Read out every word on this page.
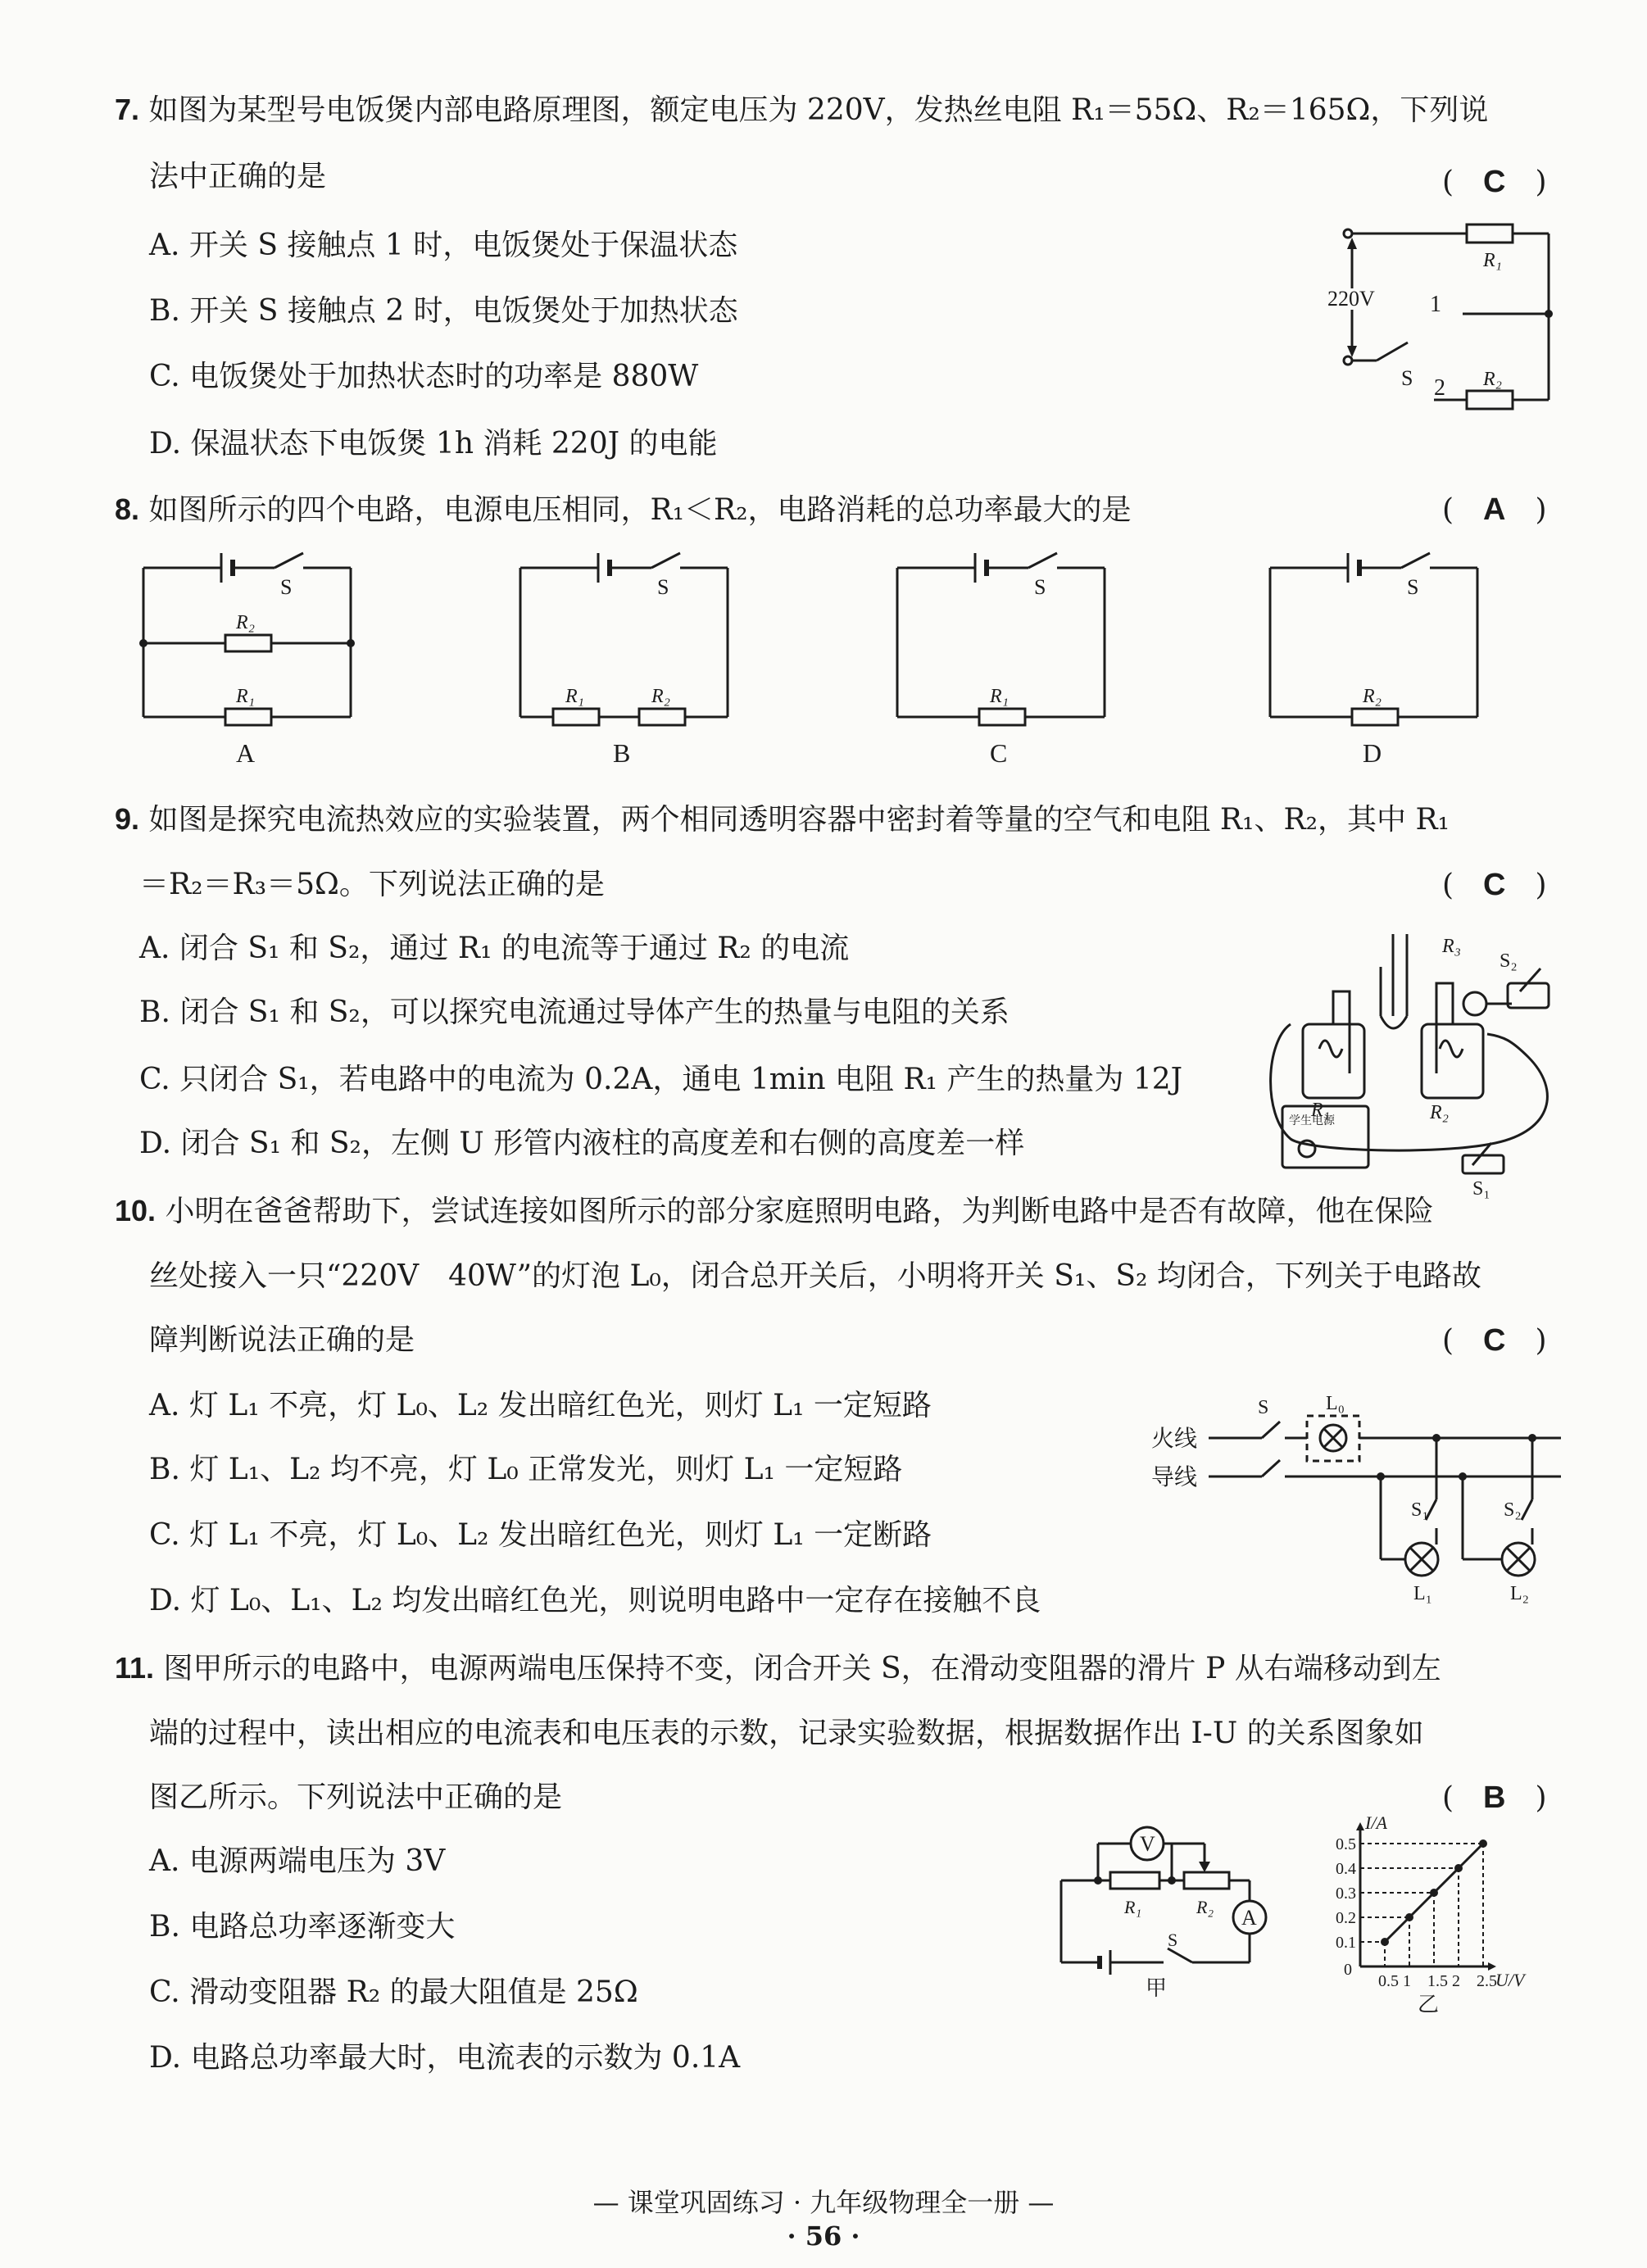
7. 如图为某型号电饭煲内部电路原理图，额定电压为 220V，发热丝电阻 R₁＝55Ω、R₂＝165Ω，下列说
法中正确的是	(　C　)
A. 开关 S 接触点 1 时，电饭煲处于保温状态
B. 开关 S 接触点 2 时，电饭煲处于加热状态
C. 电饭煲处于加热状态时的功率是 880W
D. 保温状态下电饭煲 1h 消耗 220J 的电能
220V
R₁
1
2
S	R₂
8. 如图所示的四个电路，电源电压相同，R₁＜R₂，电路消耗的总功率最大的是	(　A　)
S
R₂
R₁
A
S
R₁	R₂
B
S
R₁
C
S
R₂
D
9. 如图是探究电流热效应的实验装置，两个相同透明容器中密封着等量的空气和电阻 R₁、R₂，其中 R₁
＝R₂＝R₃＝5Ω。下列说法正确的是	(　C　)
A. 闭合 S₁ 和 S₂，通过 R₁ 的电流等于通过 R₂ 的电流
B. 闭合 S₁ 和 S₂，可以探究电流通过导体产生的热量与电阻的关系
C. 只闭合 S₁，若电路中的电流为 0.2A，通电 1min 电阻 R₁ 产生的热量为 12J
D. 闭合 S₁ 和 S₂，左侧 U 形管内液柱的高度差和右侧的高度差一样
学生电源
R₁	R₂
R₃
S₂
S₁
10. 小明在爸爸帮助下，尝试连接如图所示的部分家庭照明电路，为判断电路中是否有故障，他在保险
丝处接入一只“220V　40W”的灯泡 L₀，闭合总开关后，小明将开关 S₁、S₂ 均闭合，下列关于电路故
障判断说法正确的是	(　C　)
A. 灯 L₁ 不亮，灯 L₀、L₂ 发出暗红色光，则灯 L₁ 一定短路
B. 灯 L₁、L₂ 均不亮，灯 L₀ 正常发光，则灯 L₁ 一定短路
C. 灯 L₁ 不亮，灯 L₀、L₂ 发出暗红色光，则灯 L₁ 一定断路
D. 灯 L₀、L₁、L₂ 均发出暗红色光，则说明电路中一定存在接触不良
火线
导线
S	L₀
S₁	S₂
L₁	L₂
11. 图甲所示的电路中，电源两端电压保持不变，闭合开关 S，在滑动变阻器的滑片 P 从右端移动到左
端的过程中，读出相应的电流表和电压表的示数，记录实验数据，根据数据作出 I-U 的关系图象如
图乙所示。下列说法中正确的是	(　B　)
A. 电源两端电压为 3V
B. 电路总功率逐渐变大
C. 滑动变阻器 R₂ 的最大阻值是 25Ω
D. 电路总功率最大时，电流表的示数为 0.1A
V
A
R₁	R₂
S
甲	0.5 1 1.5 2 2.5
0.1
0.2
0.3
0.4
0.5
I/A
U/V
0
乙
— 课堂巩固练习 · 九年级物理全一册 —
· 56 ·
